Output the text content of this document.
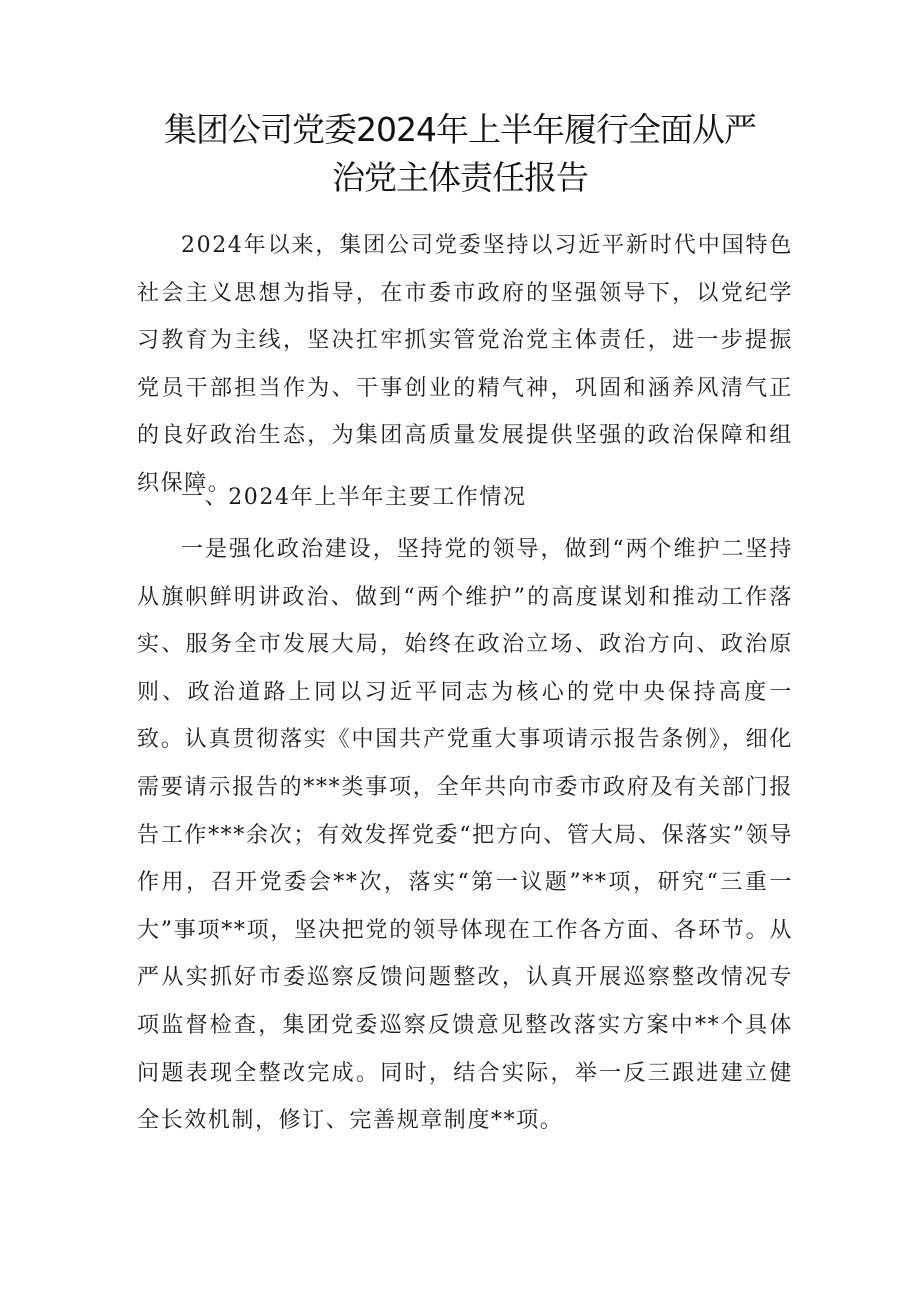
集团公司党委2024年上半年履行全面从严
治党主体责任报告

2024年以来，集团公司党委坚持以习近平新时代中国特色社会主义思想为指导，在市委市政府的坚强领导下，以党纪学习教育为主线，坚决扛牢抓实管党治党主体责任，进一步提振党员干部担当作为、干事创业的精气神，巩固和涵养风清气正的良好政治生态，为集团高质量发展提供坚强的政治保障和组织保障。

一、2024年上半年主要工作情况

一是强化政治建设，坚持党的领导，做到“两个维护二坚持从旗帜鲜明讲政治、做到“两个维护”的高度谋划和推动工作落实、服务全市发展大局，始终在政治立场、政治方向、政治原则、政治道路上同以习近平同志为核心的党中央保持高度一致。认真贯彻落实《中国共产党重大事项请示报告条例》，细化需要请示报告的***类事项，全年共向市委市政府及有关部门报告工作***余次；有效发挥党委“把方向、管大局、保落实”领导作用，召开党委会**次，落实“第一议题”**项，研究“三重一大”事项**项，坚决把党的领导体现在工作各方面、各环节。从严从实抓好市委巡察反馈问题整改，认真开展巡察整改情况专项监督检查，集团党委巡察反馈意见整改落实方案中**个具体问题表现全整改完成。同时，结合实际，举一反三跟进建立健全长效机制，修订、完善规章制度**项。
